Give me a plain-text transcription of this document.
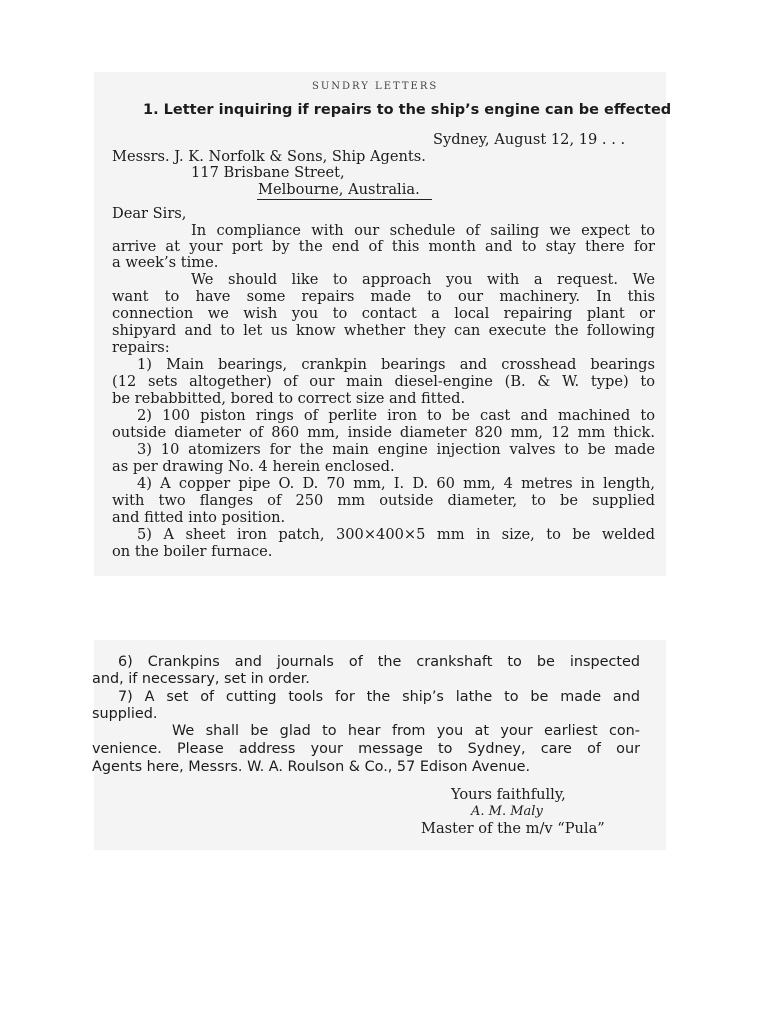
SUNDRY LETTERS
1. Letter inquiring if repairs to the ship’s engine can be effected
Sydney, August 12, 19 . . .
Messrs. J. K. Norfolk & Sons, Ship Agents.
117 Brisbane Street,
Melbourne, Australia.
Dear Sirs,
In compliance with our schedule of sailing we expect to
arrive at your port by the end of this month and to stay there for
a week’s time.
We should like to approach you with a request. We
want to have some repairs made to our machinery. In this
connection we wish you to contact a local repairing plant or
shipyard and to let us know whether they can execute the following
repairs:
1) Main bearings, crankpin bearings and crosshead bearings
(12 sets altogether) of our main diesel-engine (B. & W. type) to
be rebabbitted, bored to correct size and fitted.
2) 100 piston rings of perlite iron to be cast and machined to
outside diameter of 860 mm, inside diameter 820 mm, 12 mm thick.
3) 10 atomizers for the main engine injection valves to be made
as per drawing No. 4 herein enclosed.
4) A copper pipe O. D. 70 mm, I. D. 60 mm, 4 metres in length,
with two flanges of 250 mm outside diameter, to be supplied
and fitted into position.
5) A sheet iron patch, 300×400×5 mm in size, to be welded
on the boiler furnace.
6) Crankpins and journals of the crankshaft to be inspected
and, if necessary, set in order.
7) A set of cutting tools for the ship’s lathe to be made and
supplied.
We shall be glad to hear from you at your earliest con-
venience. Please address your message to Sydney, care of our
Agents here, Messrs. W. A. Roulson & Co., 57 Edison Avenue.
Yours faithfully,
A. M. Maly
Master of the m/v “Pula”
